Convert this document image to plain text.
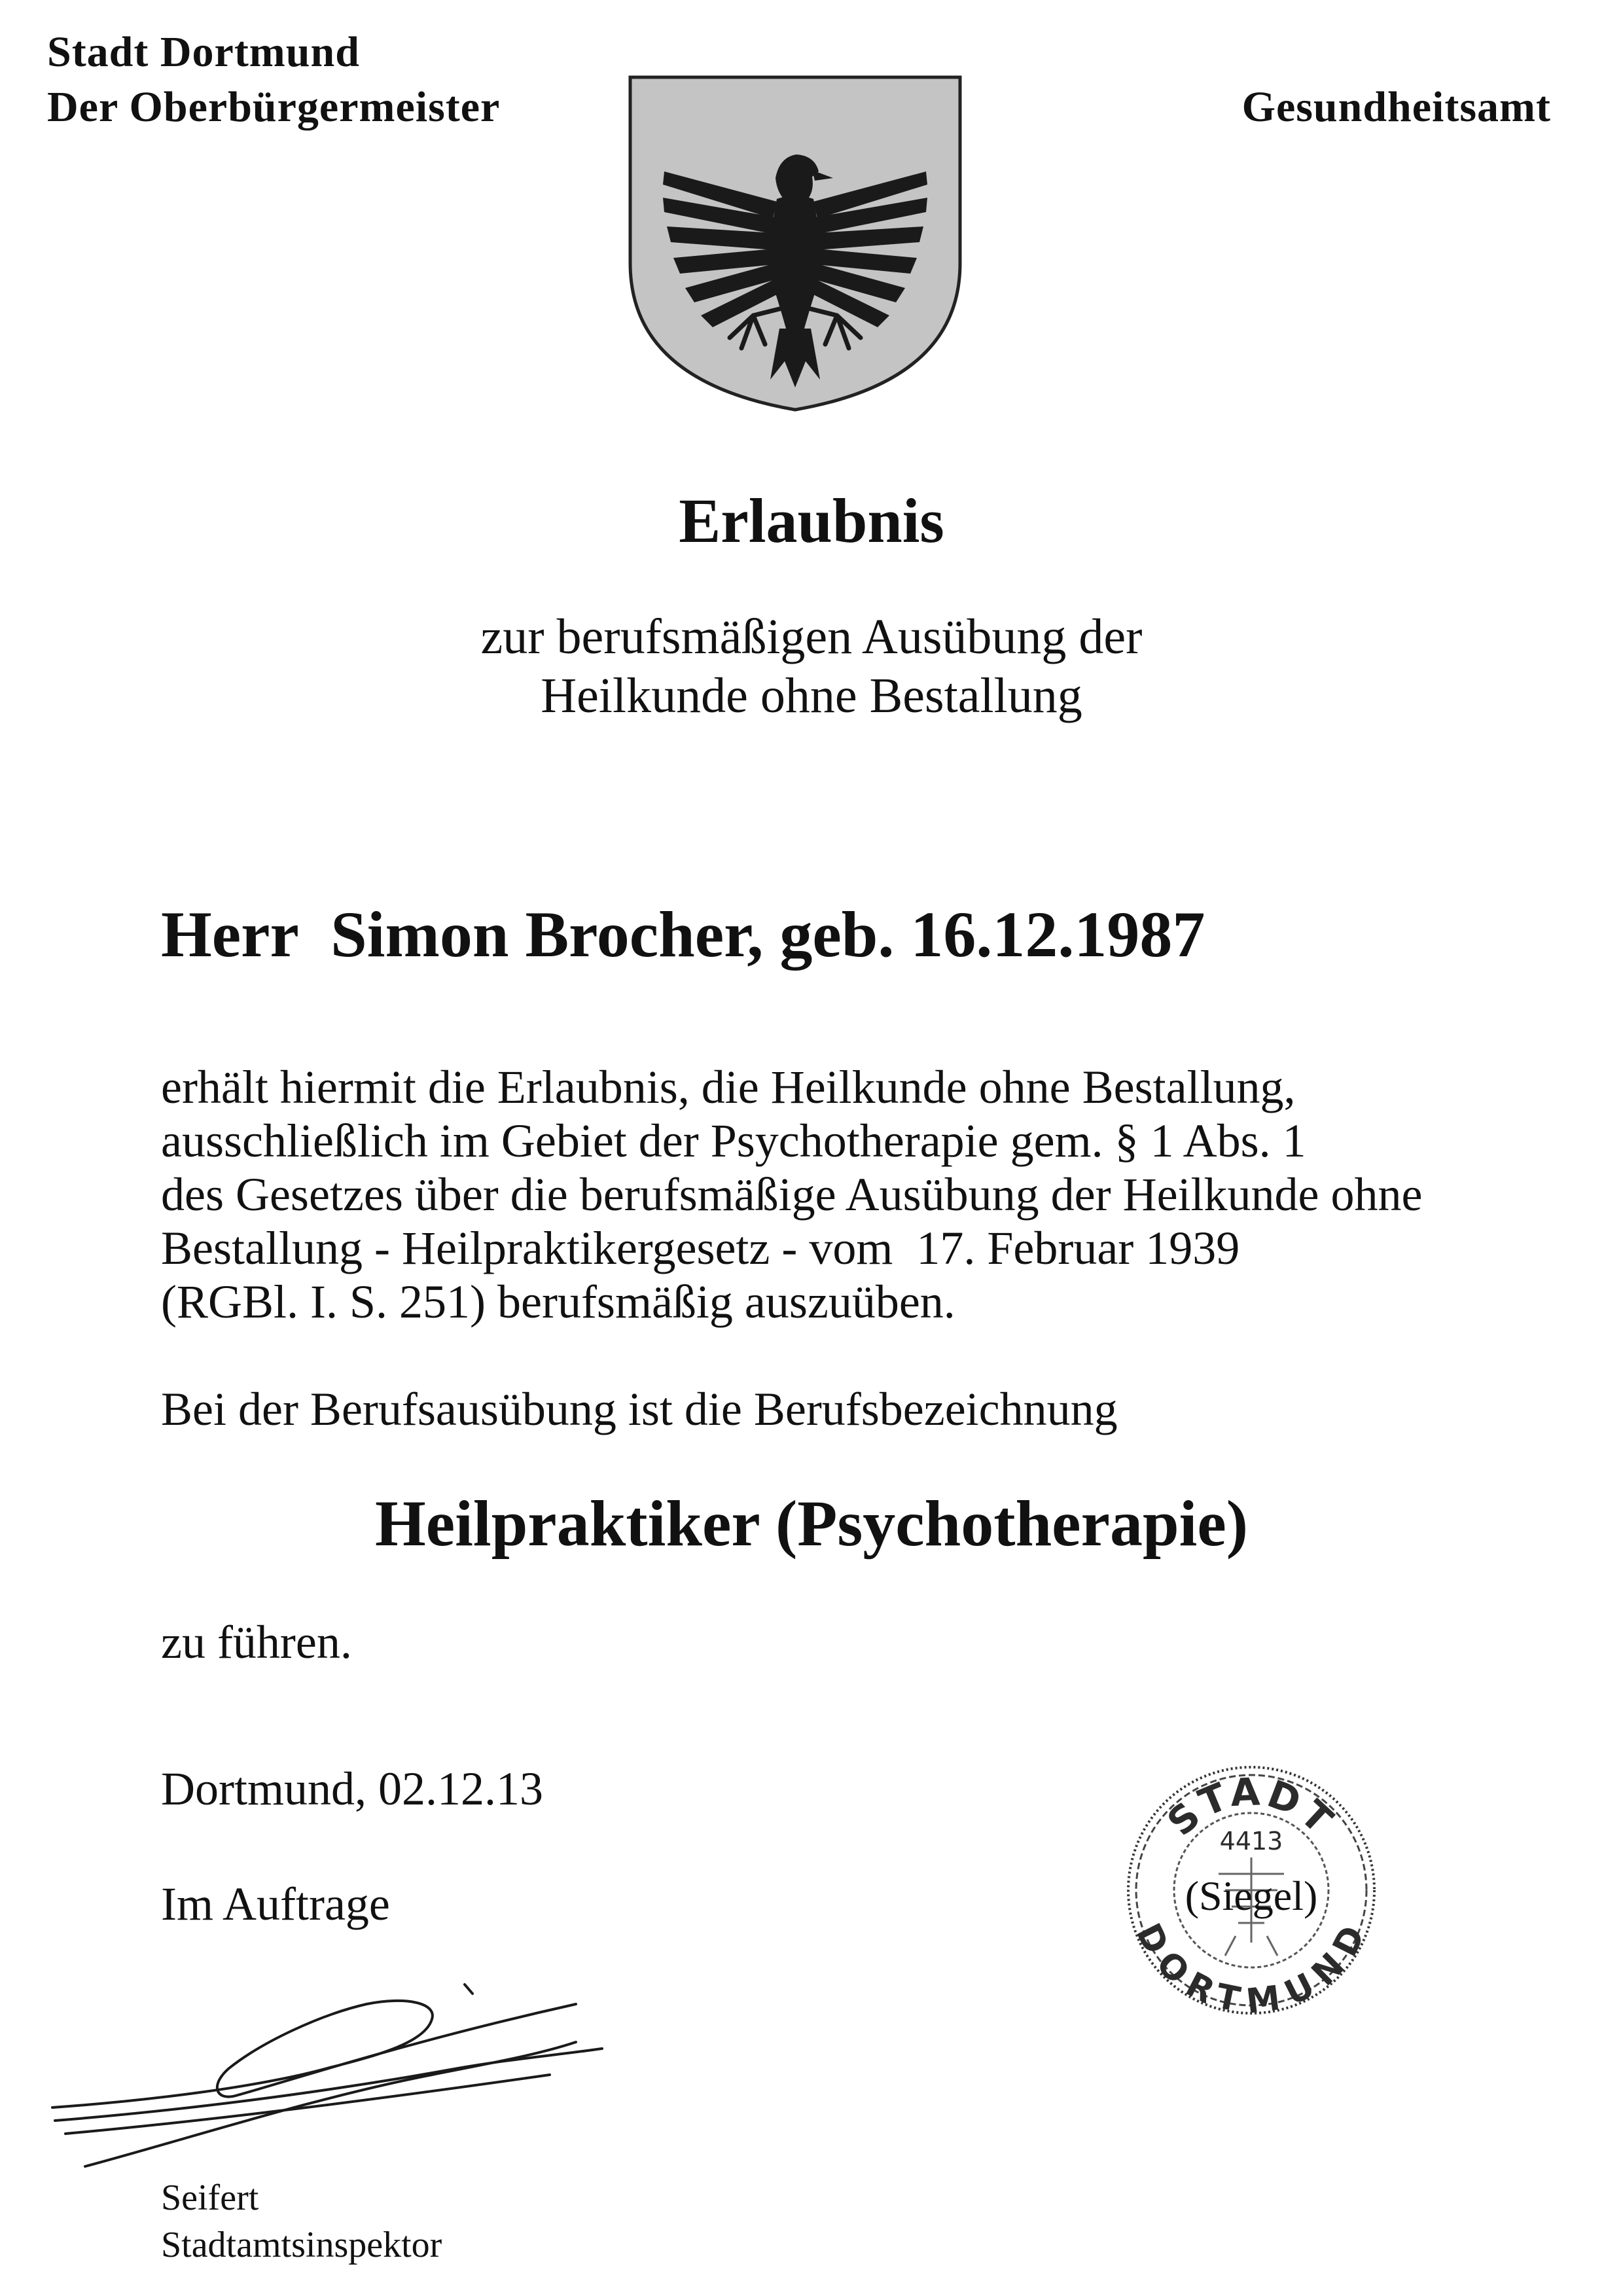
Stadt Dortmund
Der Oberbürgermeister	Gesundheitsamt
Erlaubnis
zur berufsmäßigen Ausübung der
Heilkunde ohne Bestallung
Herr  Simon Brocher, geb. 16.12.1987
erhält hiermit die Erlaubnis, die Heilkunde ohne Bestallung,
ausschließlich im Gebiet der Psychotherapie gem. § 1 Abs. 1
des Gesetzes über die berufsmäßige Ausübung der Heilkunde ohne
Bestallung - Heilpraktikergesetz - vom  17. Februar 1939
(RGBl. I. S. 251) berufsmäßig auszuüben.
Bei der Berufsausübung ist die Berufsbezeichnung
Heilpraktiker (Psychotherapie)
zu führen.
Dortmund, 02.12.13
Im Auftrage
Seifert
Stadtamtsinspektor
STADT
DORTMUND
4413
(Siegel)
